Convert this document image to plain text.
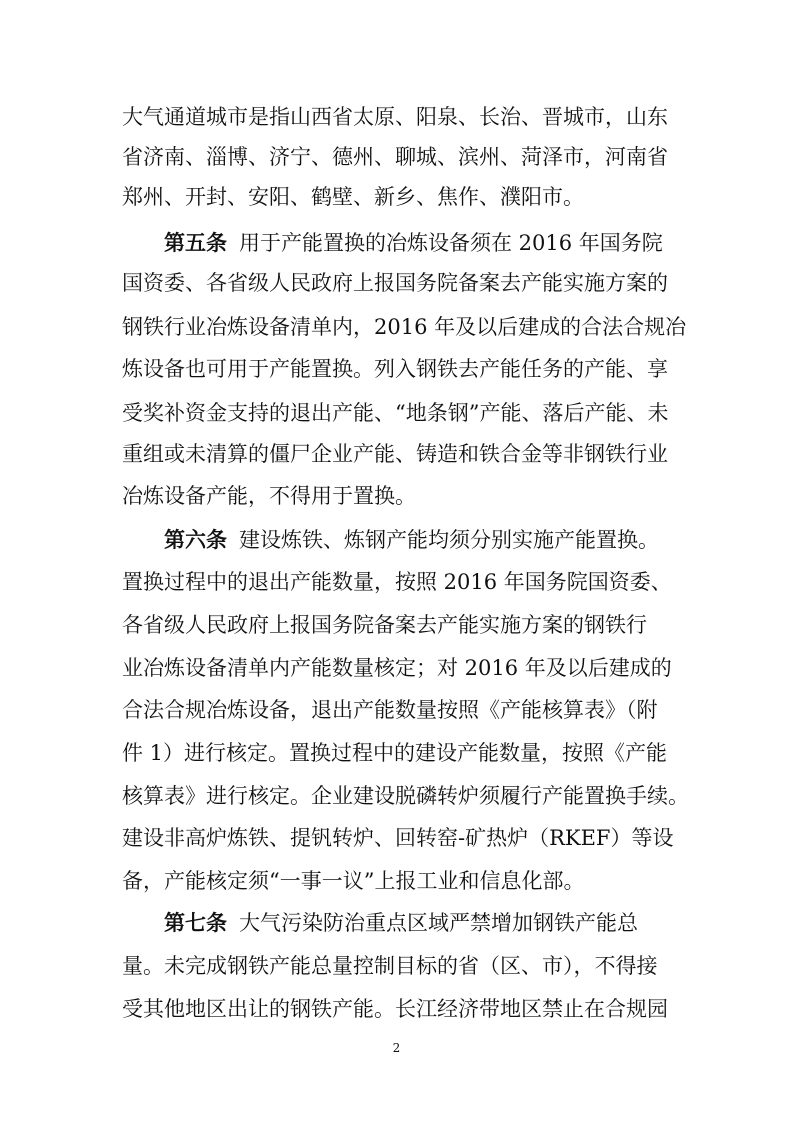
大气通道城市是指山西省太原、阳泉、长治、晋城市，山东
省济南、淄博、济宁、德州、聊城、滨州、菏泽市，河南省
郑州、开封、安阳、鹤壁、新乡、焦作、濮阳市。
第五条 用于产能置换的冶炼设备须在 2016 年国务院
国资委、各省级人民政府上报国务院备案去产能实施方案的
钢铁行业冶炼设备清单内，2016 年及以后建成的合法合规冶
炼设备也可用于产能置换。列入钢铁去产能任务的产能、享
受奖补资金支持的退出产能、“地条钢”产能、落后产能、未
重组或未清算的僵尸企业产能、铸造和铁合金等非钢铁行业
冶炼设备产能，不得用于置换。
第六条 建设炼铁、炼钢产能均须分别实施产能置换。
置换过程中的退出产能数量，按照 2016 年国务院国资委、
各省级人民政府上报国务院备案去产能实施方案的钢铁行
业冶炼设备清单内产能数量核定；对 2016 年及以后建成的
合法合规冶炼设备，退出产能数量按照《产能核算表》（附
件 1）进行核定。置换过程中的建设产能数量，按照《产能
核算表》进行核定。企业建设脱磷转炉须履行产能置换手续。
建设非高炉炼铁、提钒转炉、回转窑-矿热炉（RKEF）等设
备，产能核定须“一事一议”上报工业和信息化部。
第七条 大气污染防治重点区域严禁增加钢铁产能总
量。未完成钢铁产能总量控制目标的省（区、市），不得接
受其他地区出让的钢铁产能。长江经济带地区禁止在合规园
2
